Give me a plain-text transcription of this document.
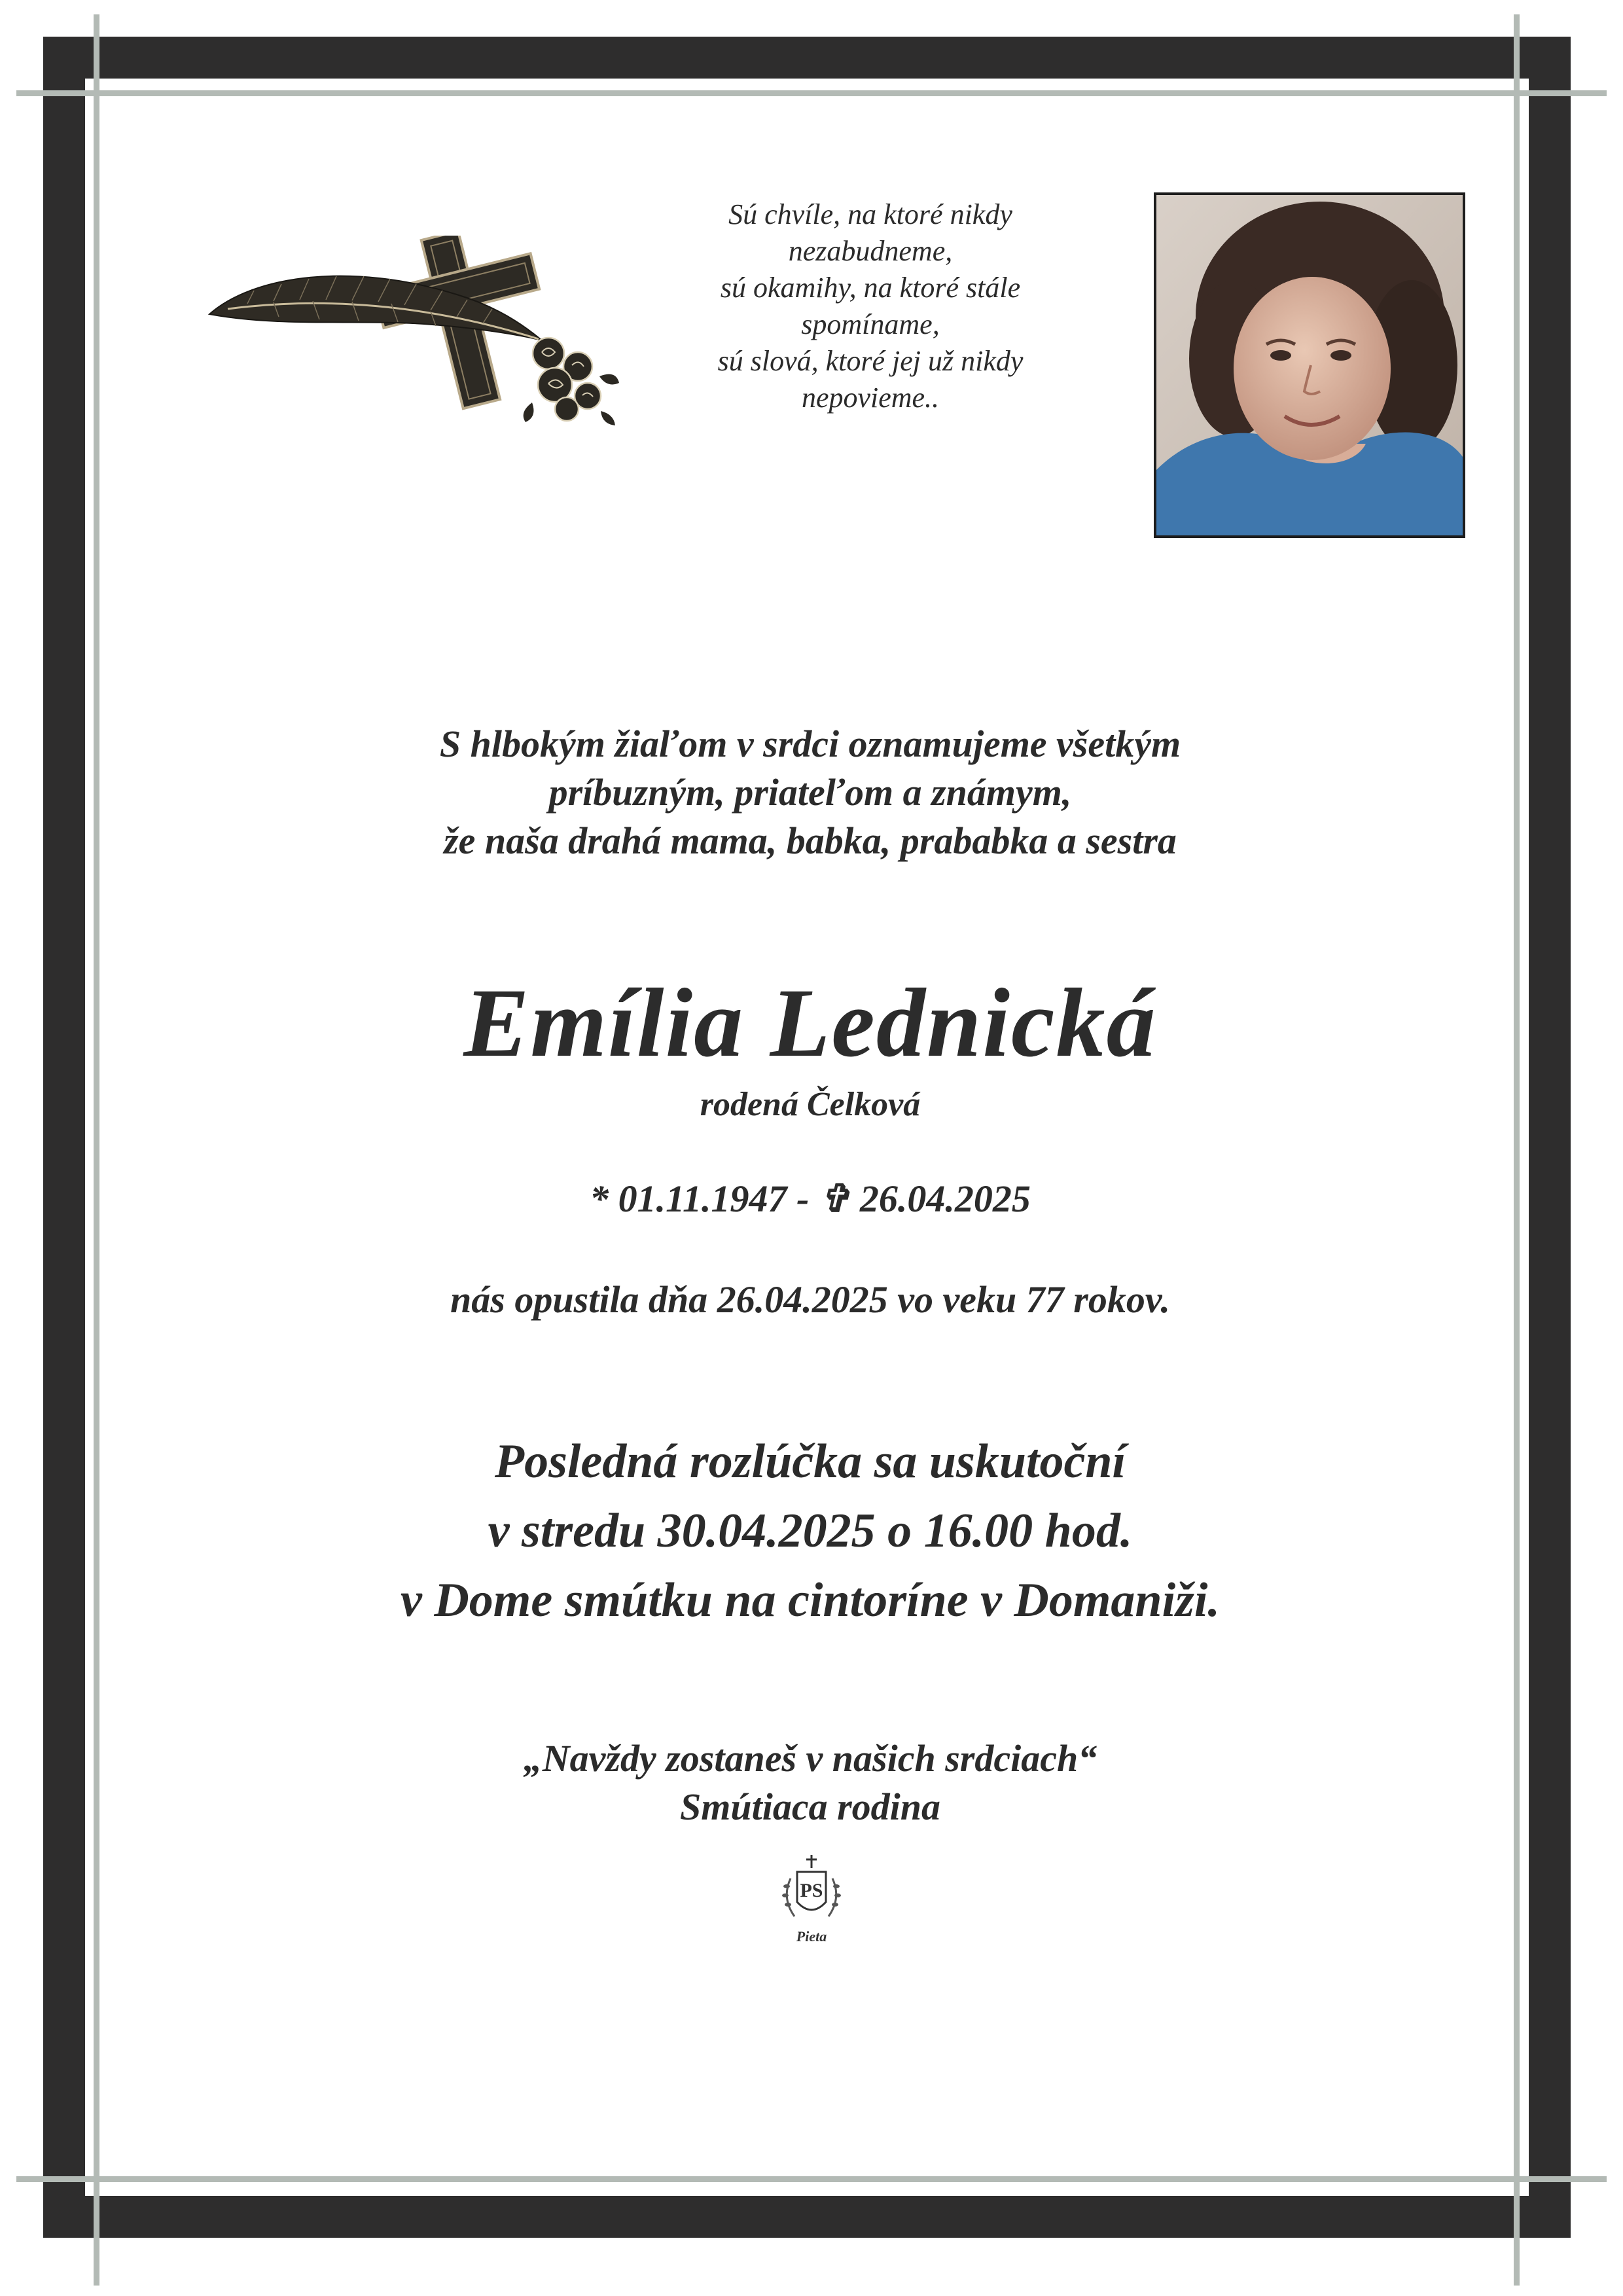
Sú chvíle, na ktoré nikdy
nezabudneme,
sú okamihy, na ktoré stále
spomíname,
sú slová, ktoré jej už nikdy
nepovieme..
S hlbokým žiaľom v srdci oznamujeme všetkým
príbuzným, priateľom a známym,
že naša drahá mama, babka, prababka a sestra
Emília Lednická
rodená Čelková
* 01.11.1947 - ✞ 26.04.2025
nás opustila dňa 26.04.2025 vo veku 77 rokov.
Posledná rozlúčka sa uskutoční
v stredu 30.04.2025 o 16.00 hod.
v Dome smútku na cintoríne v Domaniži.
„Navždy zostaneš v našich srdciach“
Smútiaca rodina
PS
Pieta
